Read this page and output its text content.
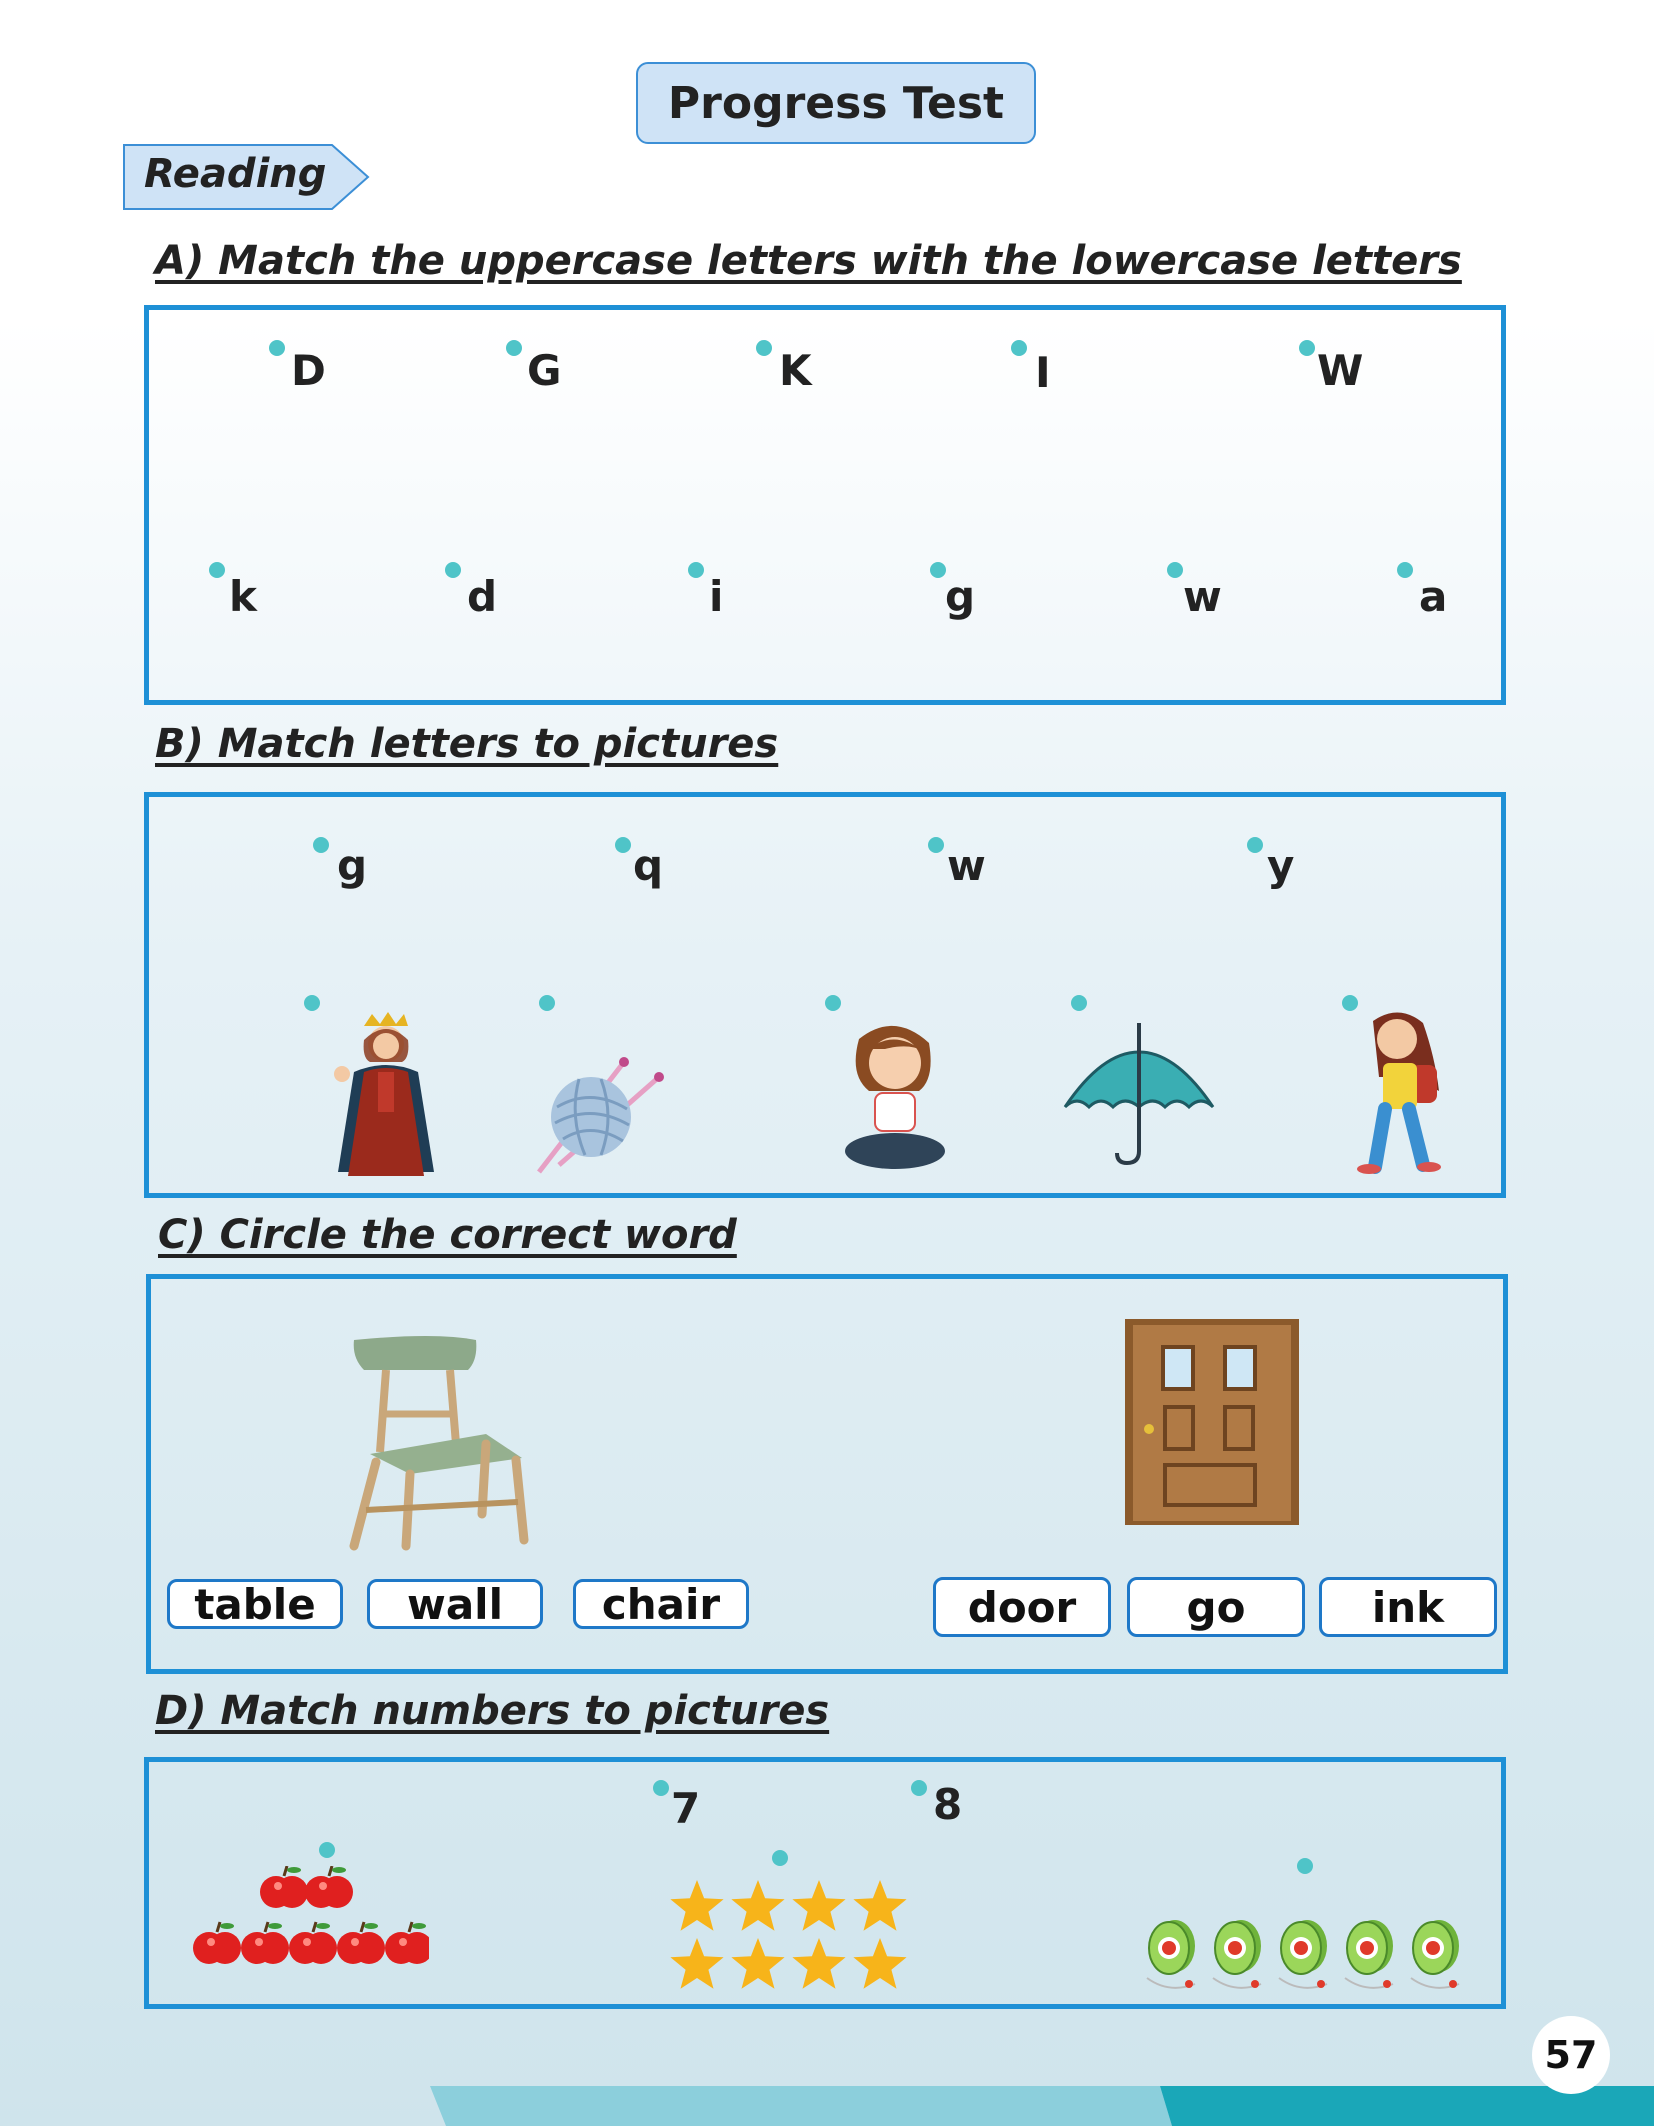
Progress Test
Reading
A) Match the uppercase letters with the lowercase letters
D	G	K	I	W
k	d	i	g	w	a
B) Match letters to pictures
g	q	w	y
C) Circle the correct word
table	wall	chair	door	go	ink
D) Match numbers to pictures
7	8
57
